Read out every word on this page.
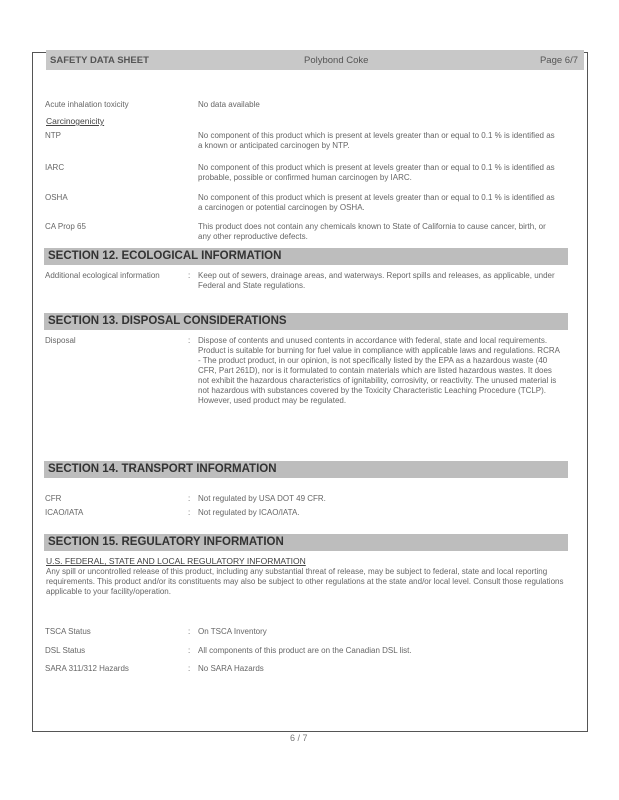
SAFETY DATA SHEET	Polybond Coke	Page 6/7
Acute inhalation toxicity	No data available
Carcinogenicity
NTP	No component of this product which is present at levels greater than or equal to 0.1 % is identified as a known or anticipated carcinogen by NTP.
IARC	No component of this product which is present at levels greater than or equal to 0.1 % is identified as probable, possible or confirmed human carcinogen by IARC.
OSHA	No component of this product which is present at levels greater than or equal to 0.1 % is identified as a carcinogen or potential carcinogen by OSHA.
CA Prop 65	This product does not contain any chemicals known to State of California to cause cancer, birth, or any other reproductive defects.
SECTION 12. ECOLOGICAL INFORMATION
Additional ecological information	: Keep out of sewers, drainage areas, and waterways. Report spills and releases, as applicable, under Federal and State regulations.
SECTION 13. DISPOSAL CONSIDERATIONS
Disposal	: Dispose of contents and unused contents in accordance with federal, state and local requirements. Product is suitable for burning for fuel value in compliance with applicable laws and regulations. RCRA - The product product, in our opinion, is not specifically listed by the EPA as a hazardous waste (40 CFR, Part 261D), nor is it formulated to contain materials which are listed hazardous wastes. It does not exhibit the hazardous characteristics of ignitability, corrosivity, or reactivity. The unused material is not hazardous with substances covered by the Toxicity Characteristic Leaching Procedure (TCLP). However, used product may be regulated.
SECTION 14. TRANSPORT INFORMATION
CFR	: Not regulated by USA DOT 49 CFR.
ICAO/IATA	: Not regulated by ICAO/IATA.
SECTION 15. REGULATORY INFORMATION
U.S. FEDERAL, STATE AND LOCAL REGULATORY INFORMATION
Any spill or uncontrolled release of this product, including any substantial threat of release, may be subject to federal, state and local reporting requirements. This product and/or its constituents may also be subject to other regulations at the state and/or local level. Consult those regulations applicable to your facility/operation.
TSCA Status	: On TSCA Inventory
DSL Status	: All components of this product are on the Canadian DSL list.
SARA 311/312 Hazards	: No SARA Hazards
6 / 7
